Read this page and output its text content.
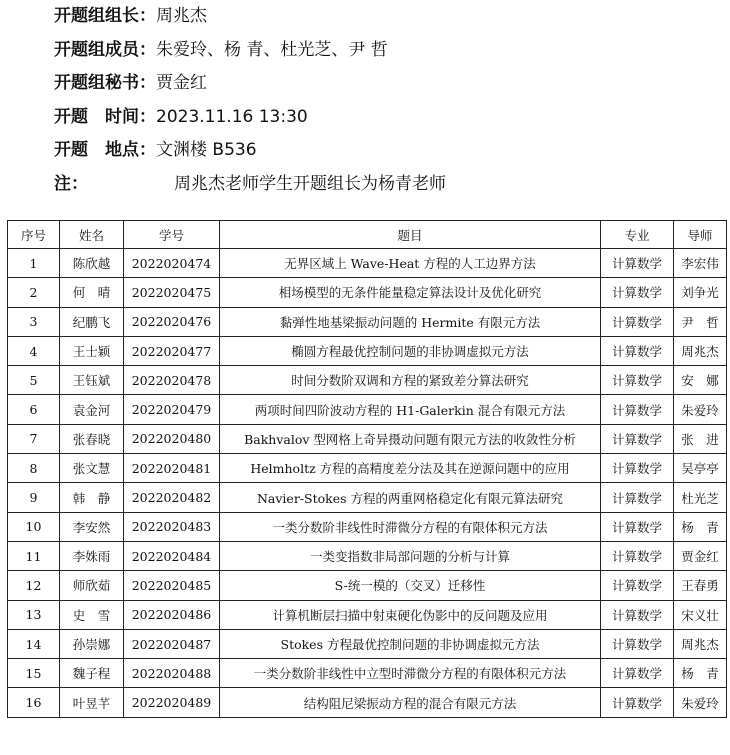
开题组组长：周兆杰
开题组成员：朱爱玲、杨 青、杜光芝、尹 哲
开题组秘书：贾金红
开题　时间：2023.11.16 13:30
开题　地点：文渊楼 B536
注：	周兆杰老师学生开题组长为杨青老师
序号	姓名	学号	题目	专业	导师
1	陈欣越	2022020474	无界区域上 Wave-Heat 方程的人工边界方法	计算数学	李宏伟
2	何　晴	2022020475	相场模型的无条件能量稳定算法设计及优化研究	计算数学	刘争光
3	纪鹏飞	2022020476	黏弹性地基梁振动问题的 Hermite 有限元方法	计算数学	尹　哲
4	王士颖	2022020477	椭圆方程最优控制问题的非协调虚拟元方法	计算数学	周兆杰
5	王钰斌	2022020478	时间分数阶双调和方程的紧致差分算法研究	计算数学	安　娜
6	袁金河	2022020479	两项时间四阶波动方程的 H1-Galerkin 混合有限元方法	计算数学	朱爱玲
7	张春晓	2022020480	Bakhvalov 型网格上奇异摄动问题有限元方法的收敛性分析	计算数学	张　进
8	张文慧	2022020481	Helmholtz 方程的高精度差分法及其在逆源问题中的应用	计算数学	吴亭亭
9	韩　静	2022020482	Navier-Stokes 方程的两重网格稳定化有限元算法研究	计算数学	杜光芝
10	李安然	2022020483	一类分数阶非线性时滞微分方程的有限体积元方法	计算数学	杨　青
11	李姝雨	2022020484	一类变指数非局部问题的分析与计算	计算数学	贾金红
12	师欣茹	2022020485	S-统一模的（交叉）迁移性	计算数学	王春勇
13	史　雪	2022020486	计算机断层扫描中射束硬化伪影中的反问题及应用	计算数学	宋义壮
14	孙崇娜	2022020487	Stokes 方程最优控制问题的非协调虚拟元方法	计算数学	周兆杰
15	魏子程	2022020488	一类分数阶非线性中立型时滞微分方程的有限体积元方法	计算数学	杨　青
16	叶昱芊	2022020489	结构阻尼梁振动方程的混合有限元方法	计算数学	朱爱玲
